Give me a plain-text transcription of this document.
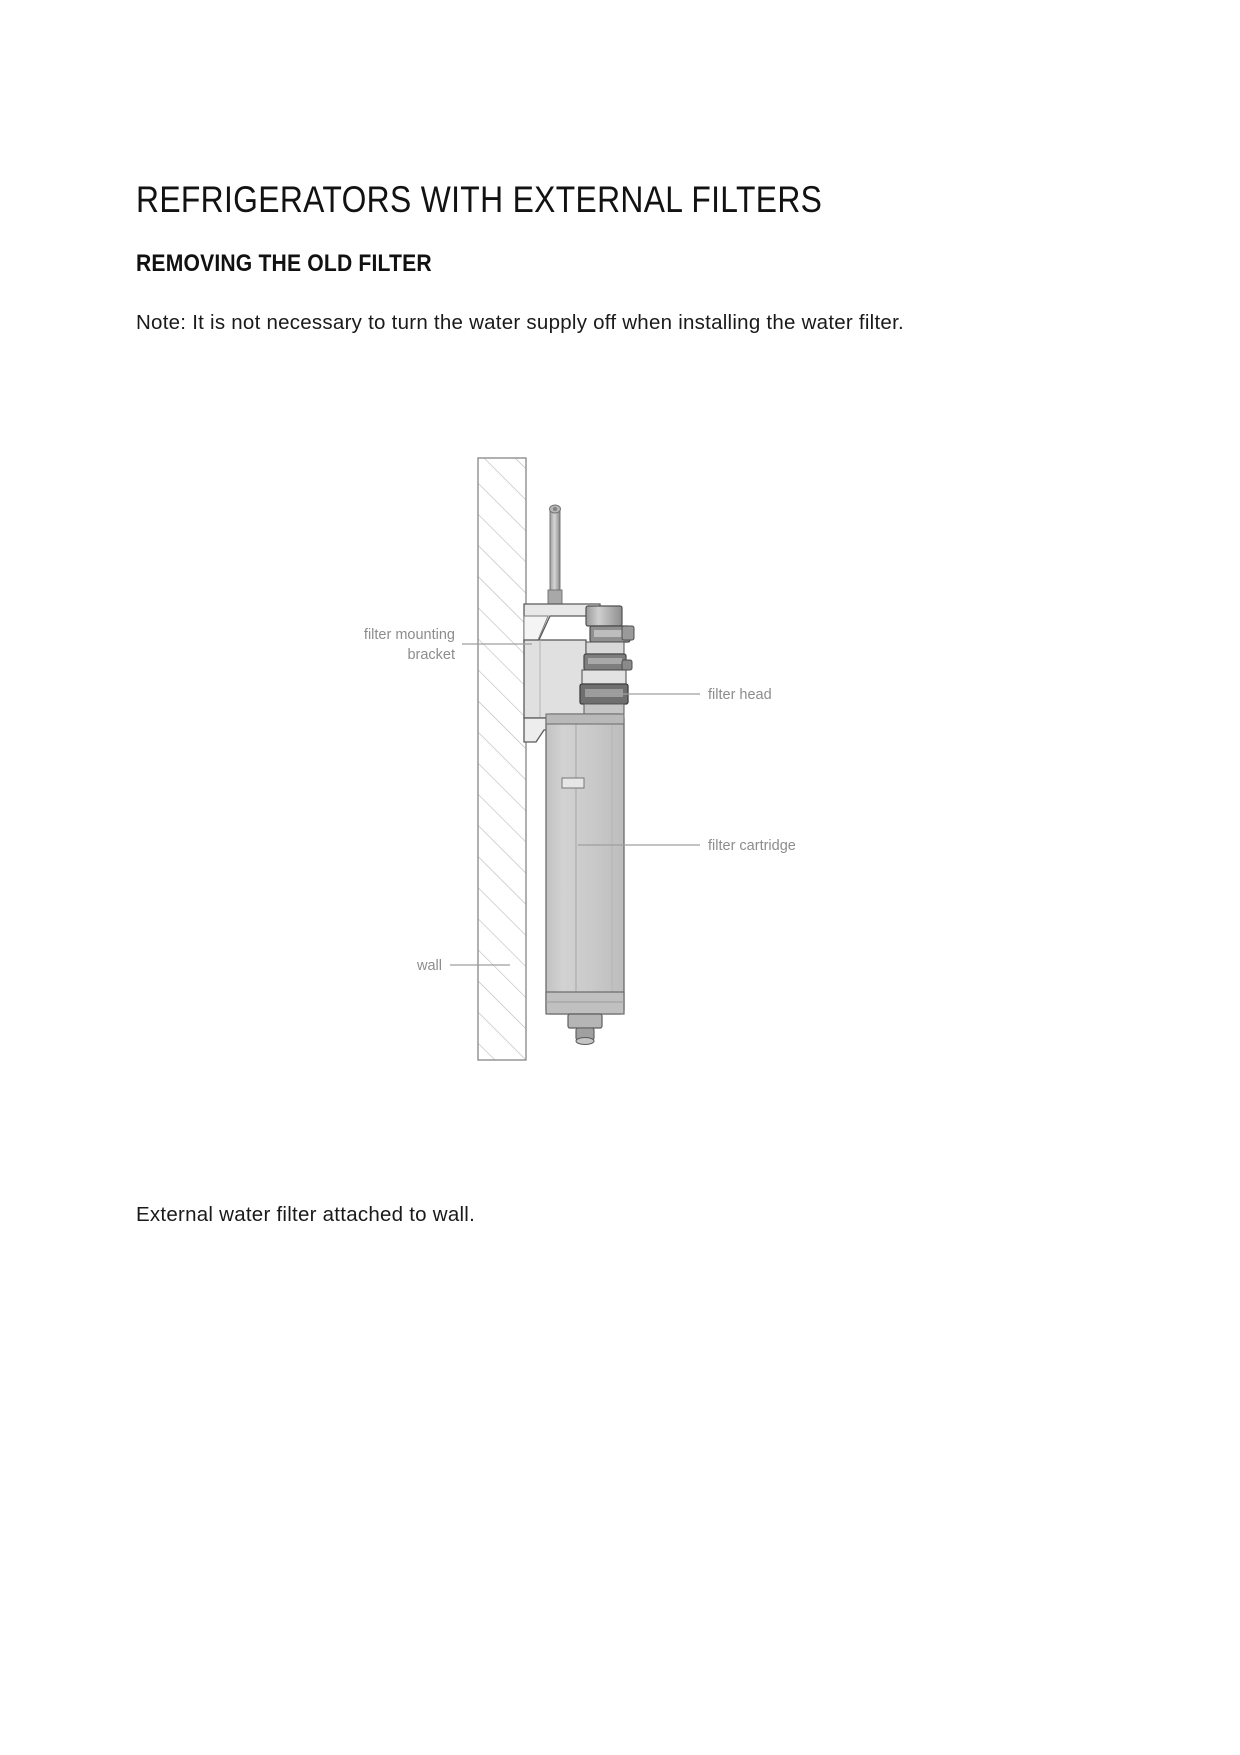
REFRIGERATORS WITH EXTERNAL FILTERS
REMOVING THE OLD FILTER

Note: It is not necessary to turn the water supply off when installing the water filter.

filter mounting
bracket
filter head
filter cartridge
wall

External water filter attached to wall.
